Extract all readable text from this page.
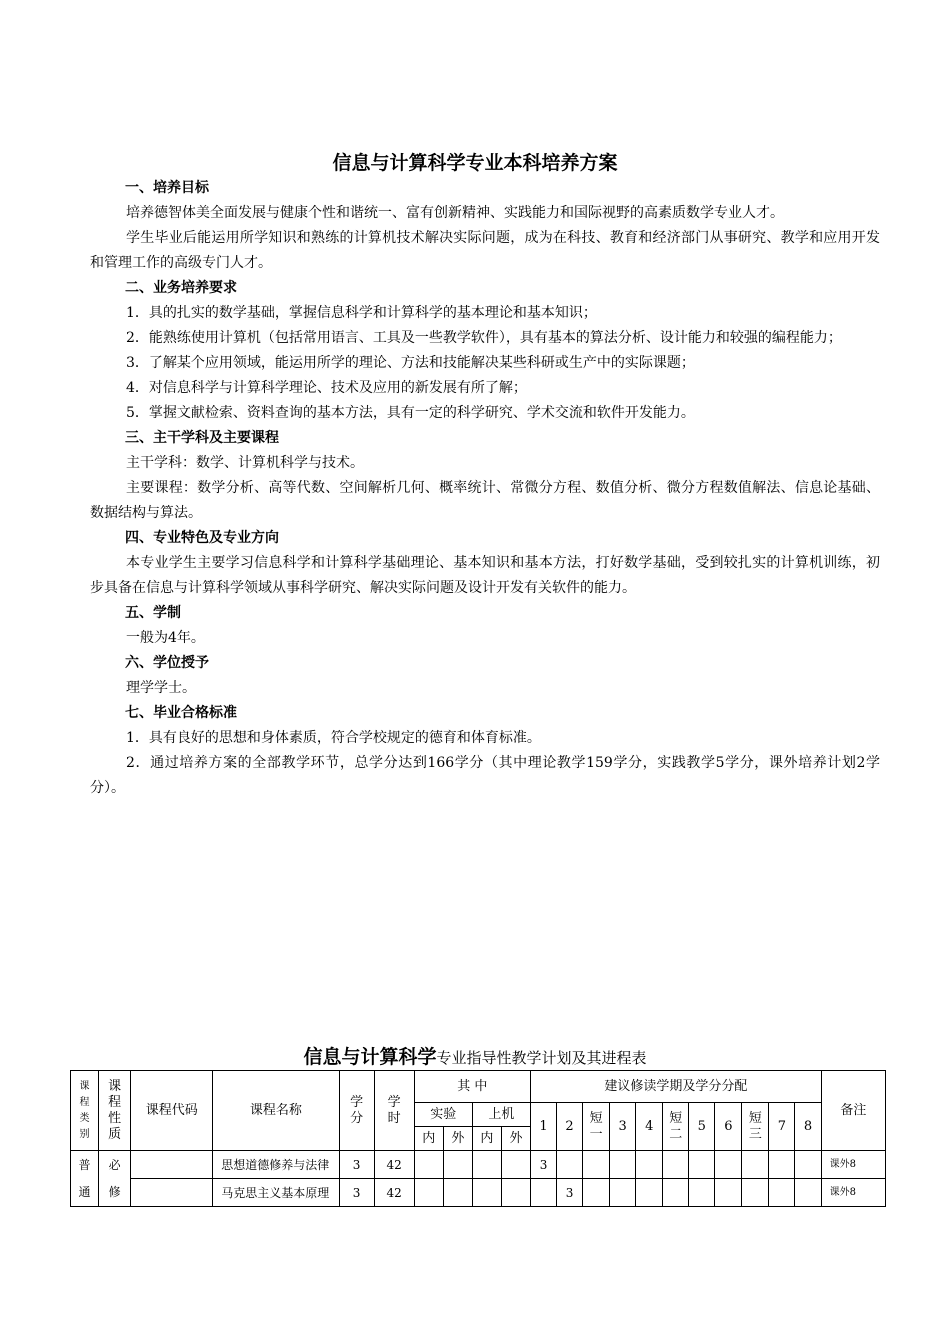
信息与计算科学专业本科培养方案
一、培养目标
培养德智体美全面发展与健康个性和谐统一、富有创新精神、实践能力和国际视野的高素质数学专业人才。
学生毕业后能运用所学知识和熟练的计算机技术解决实际问题，成为在科技、教育和经济部门从事研究、教学和应用开发和管理工作的高级专门人才。
二、业务培养要求
1．具的扎实的数学基础，掌握信息科学和计算科学的基本理论和基本知识；
2．能熟练使用计算机（包括常用语言、工具及一些教学软件），具有基本的算法分析、设计能力和较强的编程能力；
3．了解某个应用领域，能运用所学的理论、方法和技能解决某些科研或生产中的实际课题；
4．对信息科学与计算科学理论、技术及应用的新发展有所了解；
5．掌握文献检索、资料查询的基本方法，具有一定的科学研究、学术交流和软件开发能力。
三、主干学科及主要课程
主干学科：数学、计算机科学与技术。
主要课程：数学分析、高等代数、空间解析几何、概率统计、常微分方程、数值分析、微分方程数值解法、信息论基础、数据结构与算法。
四、专业特色及专业方向
本专业学生主要学习信息科学和计算科学基础理论、基本知识和基本方法，打好数学基础，受到较扎实的计算机训练，初步具备在信息与计算科学领域从事科学研究、解决实际问题及设计开发有关软件的能力。
五、学制
一般为4年。
六、学位授予
理学学士。
七、毕业合格标准
1．具有良好的思想和身体素质，符合学校规定的德育和体育标准。
2．通过培养方案的全部教学环节，总学分达到166学分（其中理论教学159学分，实践教学5学分，课外培养计划2学分）。
信息与计算科学专业指导性教学计划及其进程表
课程类别	课程性质	课程代码	课程名称	学分	学时	其 中				建议修读学期及学分分配											备注
						实验		上机		1	2	短一	3	4	短二	5	6	短三	7	8	
						内	外	内	外												
普	必		思想道德修养与法律	3	42					3											课外8
通	修		马克思主义基本原理	3	42						3										课外8
